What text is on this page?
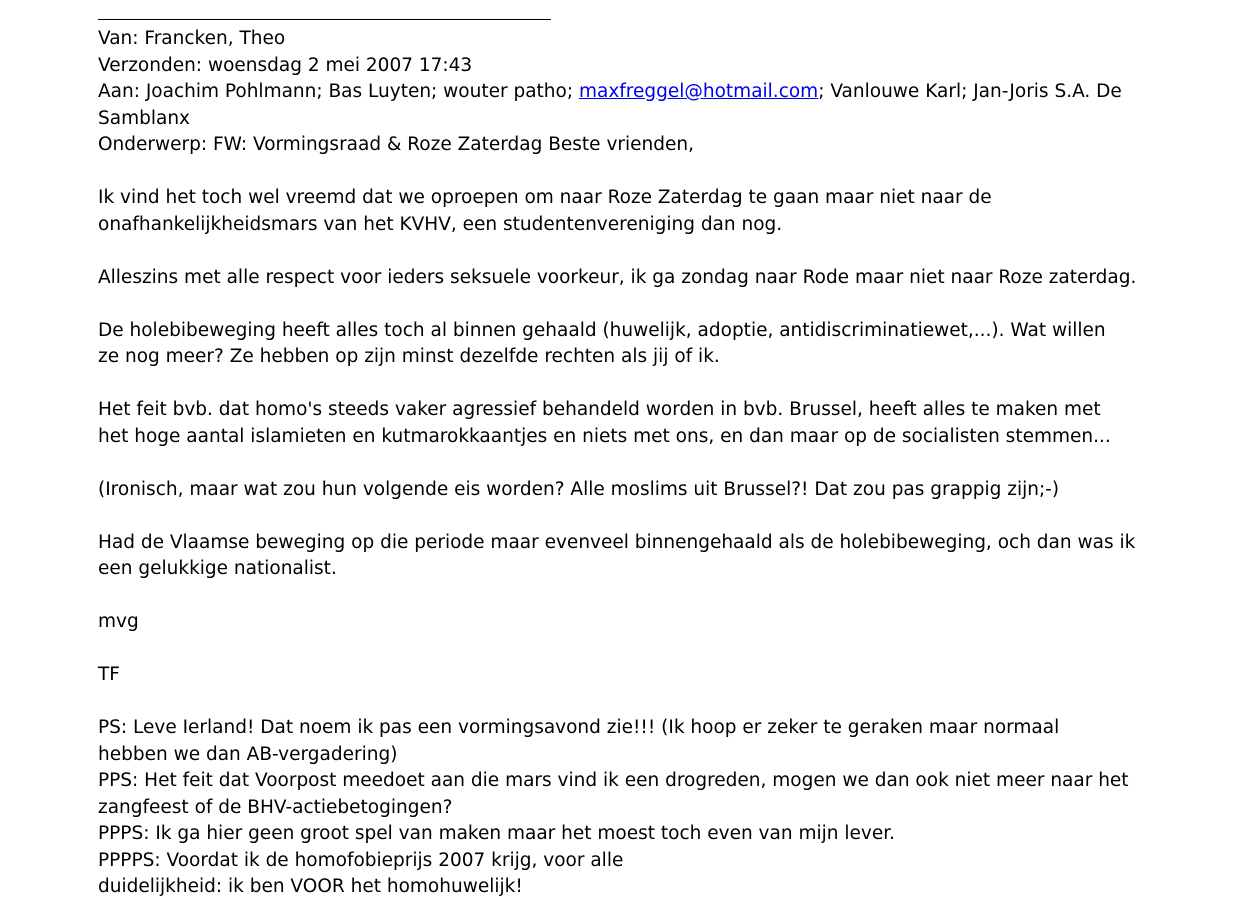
Van: Francken, Theo
Verzonden: woensdag 2 mei 2007 17:43
Aan: Joachim Pohlmann; Bas Luyten; wouter patho; maxfreggel@hotmail.com; Vanlouwe Karl; Jan-Joris S.A. De Samblanx
Onderwerp: FW: Vormingsraad & Roze Zaterdag Beste vrienden,
Ik vind het toch wel vreemd dat we oproepen om naar Roze Zaterdag te gaan maar niet naar de
onafhankelijkheidsmars van het KVHV, een studentenvereniging dan nog.
Alleszins met alle respect voor ieders seksuele voorkeur, ik ga zondag naar Rode maar niet naar Roze zaterdag.
De holebibeweging heeft alles toch al binnen gehaald (huwelijk, adoptie, antidiscriminatiewet,...). Wat willen
ze nog meer? Ze hebben op zijn minst dezelfde rechten als jij of ik.
Het feit bvb. dat homo's steeds vaker agressief behandeld worden in bvb. Brussel, heeft alles te maken met
het hoge aantal islamieten en kutmarokkaantjes en niets met ons, en dan maar op de socialisten stemmen...
(Ironisch, maar wat zou hun volgende eis worden? Alle moslims uit Brussel?! Dat zou pas grappig zijn;-)
Had de Vlaamse beweging op die periode maar evenveel binnengehaald als de holebibeweging, och dan was ik
een gelukkige nationalist.
mvg
TF
PS: Leve Ierland! Dat noem ik pas een vormingsavond zie!!! (Ik hoop er zeker te geraken maar normaal
hebben we dan AB-vergadering)
PPS: Het feit dat Voorpost meedoet aan die mars vind ik een drogreden, mogen we dan ook niet meer naar het
zangfeest of de BHV-actiebetogingen?
PPPS: Ik ga hier geen groot spel van maken maar het moest toch even van mijn lever.
PPPPS: Voordat ik de homofobieprijs 2007 krijg, voor alle
duidelijkheid: ik ben VOOR het homohuwelijk!
